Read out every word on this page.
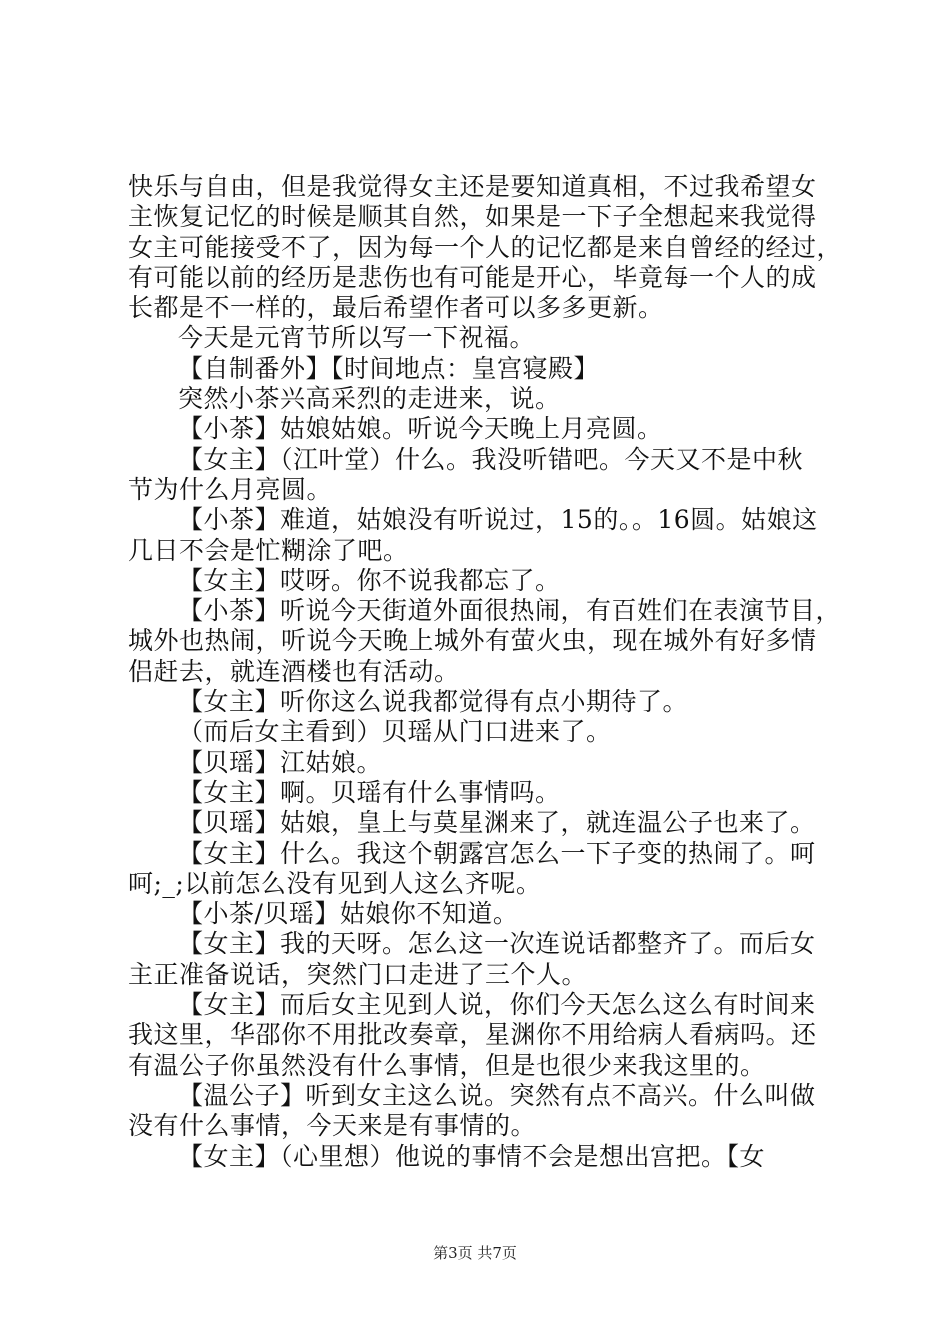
快乐与自由，但是我觉得女主还是要知道真相，不过我希望女
主恢复记忆的时候是顺其自然，如果是一下子全想起来我觉得
女主可能接受不了，因为每一个人的记忆都是来自曾经的经过，
有可能以前的经历是悲伤也有可能是开心，毕竟每一个人的成
长都是不一样的，最后希望作者可以多多更新。
今天是元宵节所以写一下祝福。
【自制番外】【时间地点：皇宫寝殿】
突然小茶兴高采烈的走进来，说。
【小茶】姑娘姑娘。听说今天晚上月亮圆。
【女主】（江叶堂）什么。我没听错吧。今天又不是中秋
节为什么月亮圆。
【小茶】难道，姑娘没有听说过，15的。。16圆。姑娘这
几日不会是忙糊涂了吧。
【女主】哎呀。你不说我都忘了。
【小茶】听说今天街道外面很热闹，有百姓们在表演节目，
城外也热闹，听说今天晚上城外有萤火虫，现在城外有好多情
侣赶去，就连酒楼也有活动。
【女主】听你这么说我都觉得有点小期待了。
（而后女主看到）贝瑶从门口进来了。
【贝瑶】江姑娘。
【女主】啊。贝瑶有什么事情吗。
【贝瑶】姑娘，皇上与莫星渊来了，就连温公子也来了。
【女主】什么。我这个朝露宫怎么一下子变的热闹了。呵
呵;_;以前怎么没有见到人这么齐呢。
【小茶/贝瑶】姑娘你不知道。
【女主】我的天呀。怎么这一次连说话都整齐了。而后女
主正准备说话，突然门口走进了三个人。
【女主】而后女主见到人说，你们今天怎么这么有时间来
我这里，华邵你不用批改奏章，星渊你不用给病人看病吗。还
有温公子你虽然没有什么事情，但是也很少来我这里的。
【温公子】听到女主这么说。突然有点不高兴。什么叫做
没有什么事情，今天来是有事情的。
【女主】（心里想）他说的事情不会是想出宫把。【女
第3页 共7页
